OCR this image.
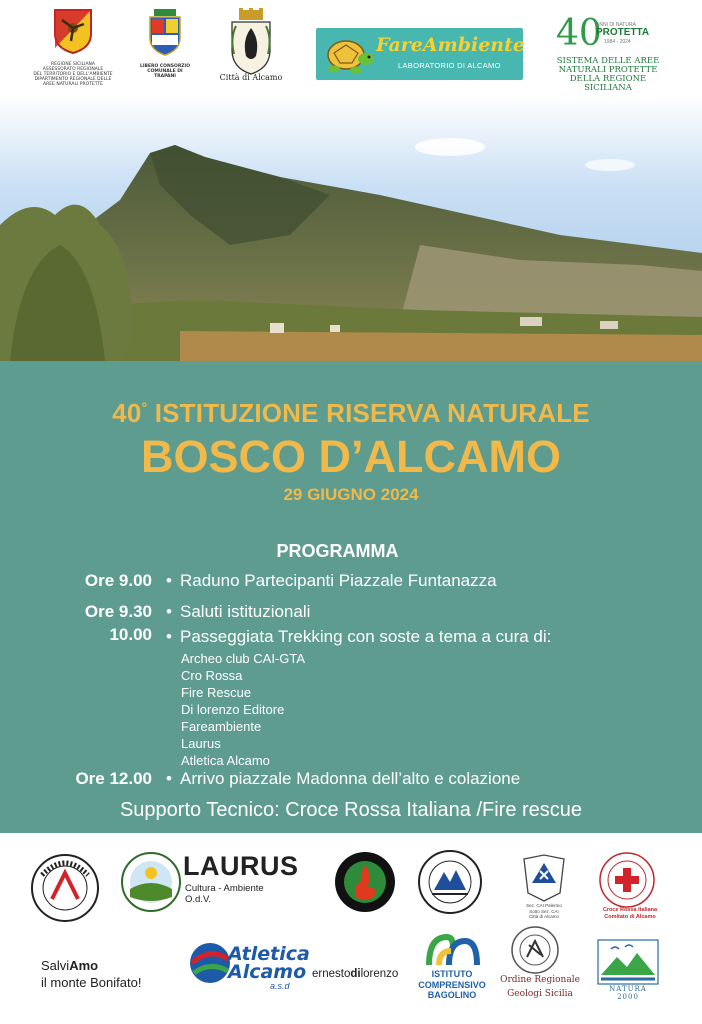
REGIONE SICILIANA
ASSESSORATO REGIONALE
DEL TERRITORIO E DELL'AMBIENTE
DIPARTIMENTO REGIONALE DELLE AREE NATURALI PROTETTE
LIBERO CONSORZIO
COMUNALE DI TRAPANI	Città di Alcamo
FareAmbiente
LABORATORIO DI ALCAMO
40
ANNI DI NATURA
PROTETTA
1984 - 2024
SISTEMA DELLE AREE
NATURALI PROTETTE
DELLA REGIONE SICILIANA
40° ISTITUZIONE RISERVA NATURALE
BOSCO D’ALCAMO
29 GIUGNO 2024
PROGRAMMA
Ore 9.00 • Raduno Partecipanti Piazzale Funtanazza
Ore 9.30 • Saluti istituzionali
10.00 • Passeggiata Trekking con soste a tema a cura di:
Archeo club CAI-GTA
Cro Rossa
Fire Rescue
Di lorenzo Editore
Fareambiente
Laurus
Atletica Alcamo
Ore 12.00 • Arrivo piazzale Madonna dell’alto e colazione
Supporto Tecnico: Croce Rossa Italiana /Fire rescue
LAURUS
Cultura - Ambiente
O.d.V.
Sez. CAI Palermo
Sotto Sez. CAI
Città di Alcamo
Croce Rossa Italiana
Comitato di Alcamo
SalviAmo
il monte Bonifato!
Atletica
Alcamo
a.s.d
ernestodilorenzo	ISTITUTO
COMPRENSIVO
BAGOLINO
Ordine Regionale
Geologi Sicilia	NATURA 2000
